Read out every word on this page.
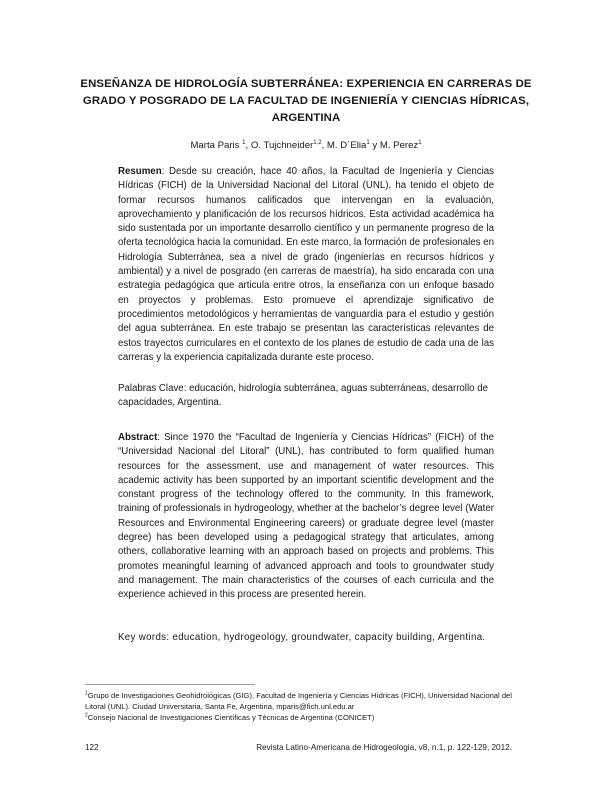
ENSEÑANZA DE HIDROLOGÍA SUBTERRÁNEA: EXPERIENCIA EN CARRERAS DE GRADO Y POSGRADO DE LA FACULTAD DE INGENIERÍA Y CIENCIAS HÍDRICAS, ARGENTINA
Marta Paris $^1$, O. Tujchneider$^{1,2}$, M. D´Elia$^1$ y M. Perez$^1$
Resumen: Desde su creación, hace 40 años, la Facultad de Ingeniería y Ciencias Hídricas (FICH) de la Universidad Nacional del Litoral (UNL), ha tenido el objeto de formar recursos humanos calificados que intervengan en la evaluación, aprovechamiento y planificación de los recursos hídricos. Esta actividad académica ha sido sustentada por un importante desarrollo científico y un permanente progreso de la oferta tecnológica hacia la comunidad. En este marco, la formación de profesionales en Hidrología Subterránea, sea a nivel de grado (ingenierías en recursos hídricos y ambiental) y a nivel de posgrado (en carreras de maestría), ha sido encarada con una estrategia pedagógica que articula entre otros, la enseñanza con un enfoque basado en proyectos y problemas. Esto promueve el aprendizaje significativo de procedimientos metodológicos y herramientas de vanguardia para el estudio y gestión del agua subterránea. En este trabajo se presentan las características relevantes de estos trayectos curriculares en el contexto de los planes de estudio de cada una de las carreras y la experiencia capitalizada durante este proceso.
Palabras Clave: educación, hidrología subterránea, aguas subterráneas, desarrollo de capacidades, Argentina.
Abstract: Since 1970 the “Facultad de Ingeniería y Ciencias Hídricas” (FICH) of the “Universidad Nacional del Litoral” (UNL), has contributed to form qualified human resources for the assessment, use and management of water resources. This academic activity has been supported by an important scientific development and the constant progress of the technology offered to the community. In this framework, training of professionals in hydrogeology, whether at the bachelor’s degree level (Water Resources and Environmental Engineering careers) or graduate degree level (master degree) has been developed using a pedagogical strategy that articulates, among others, collaborative learning with an approach based on projects and problems. This promotes meaningful learning of advanced approach and tools to groundwater study and management. The main characteristics of the courses of each curricula and the experience achieved in this process are presented herein.
Key words: education, hydrogeology, groundwater, capacity building, Argentina.

$^1$Grupo de Investigaciones Geohidrológicas (GIG), Facultad de Ingeniería y Ciencias Hídricas (FICH), Universidad Nacional del Litoral (UNL). Ciudad Universitaria, Santa Fe, Argentina, mparis@fich.unl.edu.ar

$^2$Consejo Nacional de Investigaciones Científicas y Técnicas de Argentina (CONICET)

122	Revista Latino-Americana de Hidrogeologia, v8, n.1, p. 122-129, 2012.
